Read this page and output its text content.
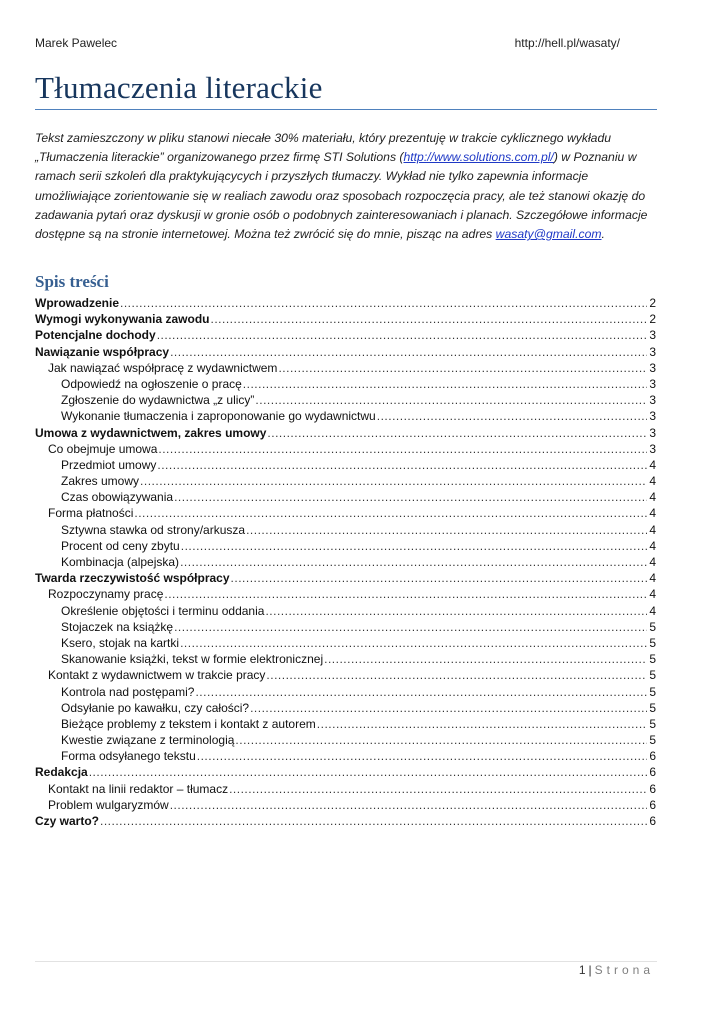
Marek Pawelec	http://hell.pl/wasaty/
Tłumaczenia literackie

Tekst zamieszczony w pliku stanowi niecałe 30% materiału, który prezentuję w trakcie cyklicznego wykładu „Tłumaczenia literackie” organizowanego przez firmę STI Solutions (http://www.solutions.com.pl/) w Poznaniu w ramach serii szkoleń dla praktykującycych i przyszłych tłumaczy. Wykład nie tylko zapewnia informacje umożliwiające zorientowanie się w realiach zawodu oraz sposobach rozpoczęcia pracy, ale też stanowi okazję do zadawania pytań oraz dyskusji w gronie osób o podobnych zainteresowaniach i planach. Szczegółowe informacje dostępne są na stronie internetowej. Można też zwrócić się do mnie, pisząc na adres wasaty@gmail.com.

Spis treści
Wprowadzenie .....	2
Wymogi wykonywania zawodu .....	2
Potencjalne dochody .....	3
Nawiązanie współpracy .....	3
Jak nawiązać współpracę z wydawnictwem .....	3
Odpowiedź na ogłoszenie o pracę .....	3
Zgłoszenie do wydawnictwa „z ulicy” .....	3
Wykonanie tłumaczenia i zaproponowanie go wydawnictwu .....	3
Umowa z wydawnictwem, zakres umowy .....	3
Co obejmuje umowa .....	3
Przedmiot umowy .....	4
Zakres umowy .....	4
Czas obowiązywania .....	4
Forma płatności .....	4
Sztywna stawka od strony/arkusza .....	4
Procent od ceny zbytu .....	4
Kombinacja (alpejska) .....	4
Twarda rzeczywistość współpracy .....	4
Rozpoczynamy pracę .....	4
Określenie objętości i terminu oddania .....	4
Stojaczek na książkę .....	5
Ksero, stojak na kartki .....	5
Skanowanie książki, tekst w formie elektronicznej .....	5
Kontakt z wydawnictwem w trakcie pracy .....	5
Kontrola nad postępami? .....	5
Odsyłanie po kawałku, czy całości? .....	5
Bieżące problemy z tekstem i kontakt z autorem .....	5
Kwestie związane z terminologią .....	5
Forma odsyłanego tekstu .....	6
Redakcja .....	6
Kontakt na linii redaktor – tłumacz .....	6
Problem wulgaryzmów .....	6
Czy warto? .....	6
1 | Strona
